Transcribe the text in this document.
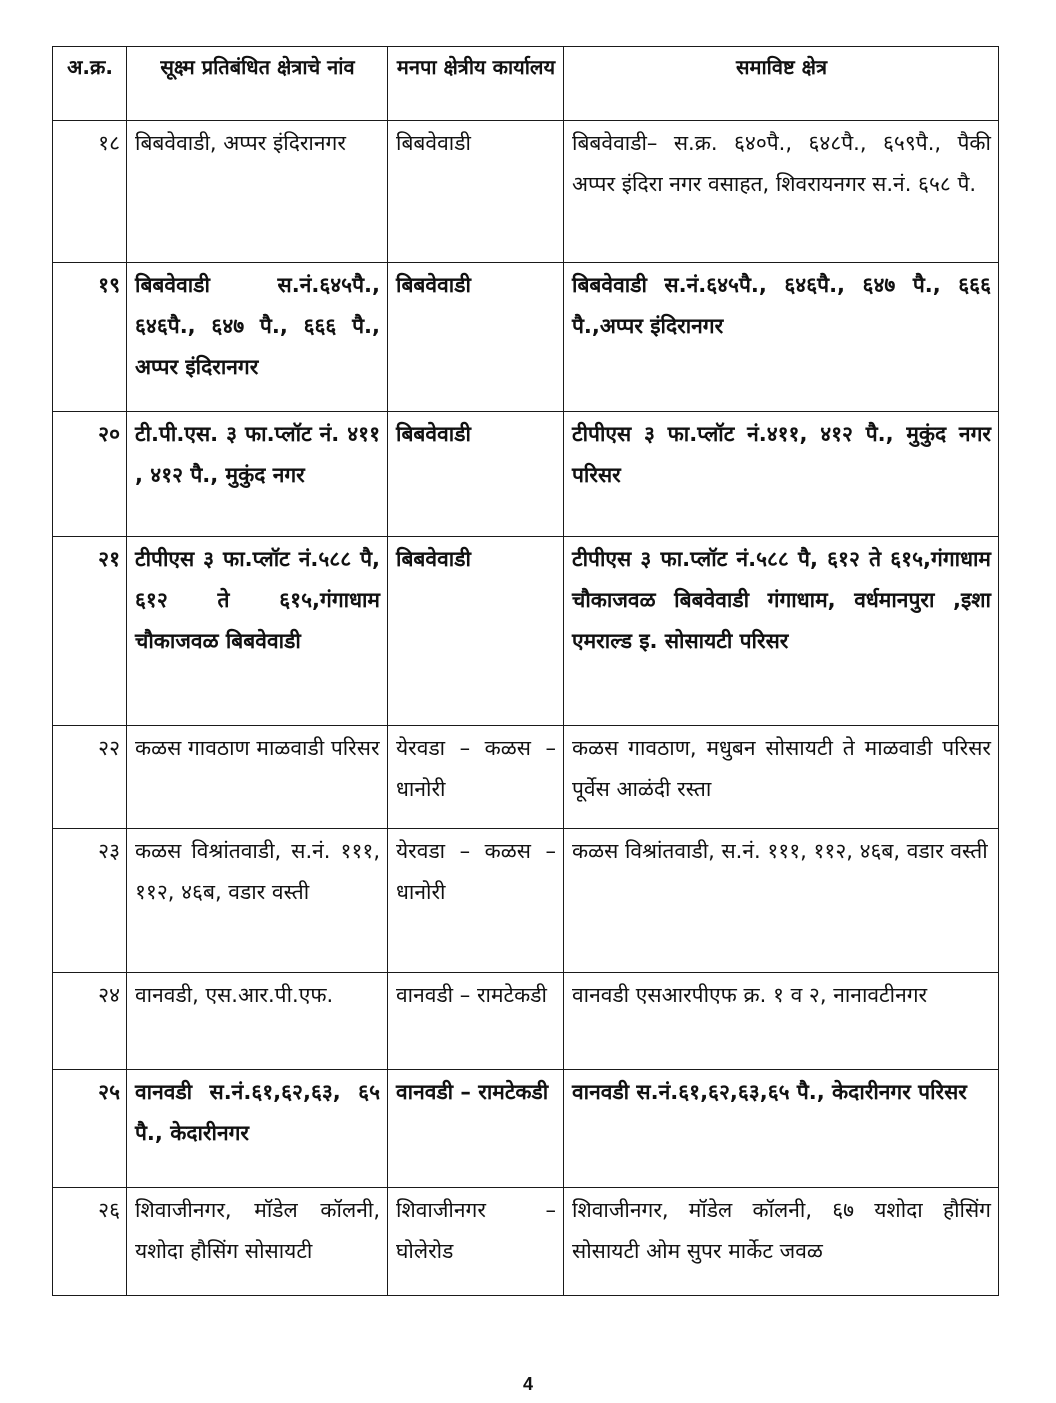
अ.क्र.	सूक्ष्म प्रतिबंधित क्षेत्राचे नांव	मनपा क्षेत्रीय कार्यालय	समाविष्ट क्षेत्र
१८	बिबवेवाडी, अप्पर इंदिरानगर	बिबवेवाडी	बिबवेवाडी– स.क्र. ६४०पै., ६४८पै., ६५९पै., पैकी अप्पर इंदिरा नगर वसाहत, शिवरायनगर स.नं. ६५८ पै.
१९	बिबवेवाडी स.नं.६४५पै., ६४६पै., ६४७ पै., ६६६ पै., अप्पर इंदिरानगर	बिबवेवाडी	बिबवेवाडी स.नं.६४५पै., ६४६पै., ६४७ पै., ६६६ पै.,अप्पर इंदिरानगर
२०	टी.पी.एस. ३ फा.प्लॉट नं. ४११ , ४१२ पै., मुकुंद नगर	बिबवेवाडी	टीपीएस ३ फा.प्लॉट नं.४११, ४१२ पै., मुकुंद नगर परिसर
२१	टीपीएस ३ फा.प्लॉट नं.५८८ पै, ६१२ ते ६१५,गंगाधाम चौकाजवळ बिबवेवाडी	बिबवेवाडी	टीपीएस ३ फा.प्लॉट नं.५८८ पै, ६१२ ते ६१५,गंगाधाम चौकाजवळ बिबवेवाडी गंगाधाम, वर्धमानपुरा ,इशा एमराल्ड इ. सोसायटी परिसर
२२	कळस गावठाण माळवाडी परिसर	येरवडा – कळस – धानोरी	कळस गावठाण, मधुबन सोसायटी ते माळवाडी परिसर पूर्वेस आळंदी रस्ता
२३	कळस विश्रांतवाडी, स.नं. १११, ११२, ४६ब, वडार वस्ती	येरवडा – कळस – धानोरी	कळस विश्रांतवाडी, स.नं. १११, ११२, ४६ब, वडार वस्ती
२४	वानवडी, एस.आर.पी.एफ.	वानवडी – रामटेकडी	वानवडी एसआरपीएफ क्र. १ व २, नानावटीनगर
२५	वानवडी स.नं.६१,६२,६३, ६५ पै., केदारीनगर	वानवडी – रामटेकडी	वानवडी स.नं.६१,६२,६३,६५ पै., केदारीनगर परिसर
२६	शिवाजीनगर, मॉडेल कॉलनी, यशोदा हौसिंग सोसायटी	शिवाजीनगर – घोलेरोड	शिवाजीनगर, मॉडेल कॉलनी, ६७ यशोदा हौसिंग सोसायटी ओम सुपर मार्केट जवळ
4
